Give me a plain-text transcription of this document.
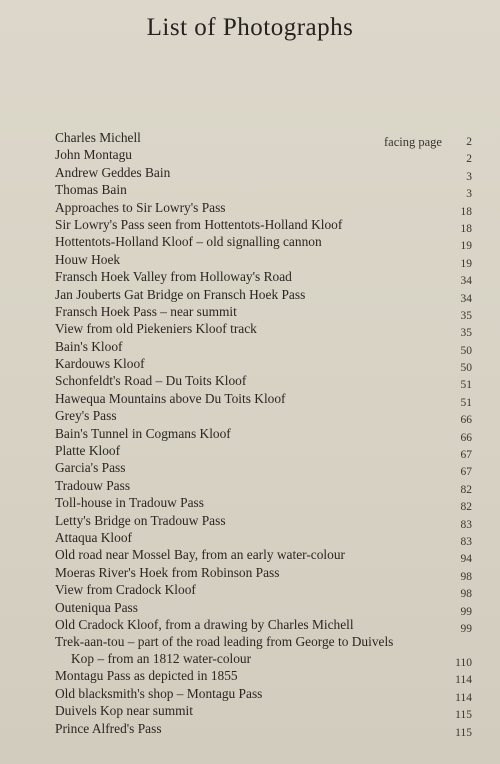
List of Photographs
facing page
Charles Michell	2
John Montagu	2
Andrew Geddes Bain	3
Thomas Bain	3
Approaches to Sir Lowry's Pass	18
Sir Lowry's Pass seen from Hottentots-Holland Kloof	18
Hottentots-Holland Kloof – old signalling cannon	19
Houw Hoek	19
Fransch Hoek Valley from Holloway's Road	34
Jan Jouberts Gat Bridge on Fransch Hoek Pass	34
Fransch Hoek Pass – near summit	35
View from old Piekeniers Kloof track	35
Bain's Kloof	50
Kardouws Kloof	50
Schonfeldt's Road – Du Toits Kloof	51
Hawequa Mountains above Du Toits Kloof	51
Grey's Pass	66
Bain's Tunnel in Cogmans Kloof	66
Platte Kloof	67
Garcia's Pass	67
Tradouw Pass	82
Toll-house in Tradouw Pass	82
Letty's Bridge on Tradouw Pass	83
Attaqua Kloof	83
Old road near Mossel Bay, from an early water-colour	94
Moeras River's Hoek from Robinson Pass	98
View from Cradock Kloof	98
Outeniqua Pass	99
Old Cradock Kloof, from a drawing by Charles Michell	99
Trek-aan-tou – part of the road leading from George to Duivels
Kop – from an 1812 water-colour	110
Montagu Pass as depicted in 1855	114
Old blacksmith's shop – Montagu Pass	114
Duivels Kop near summit	115
Prince Alfred's Pass	115
